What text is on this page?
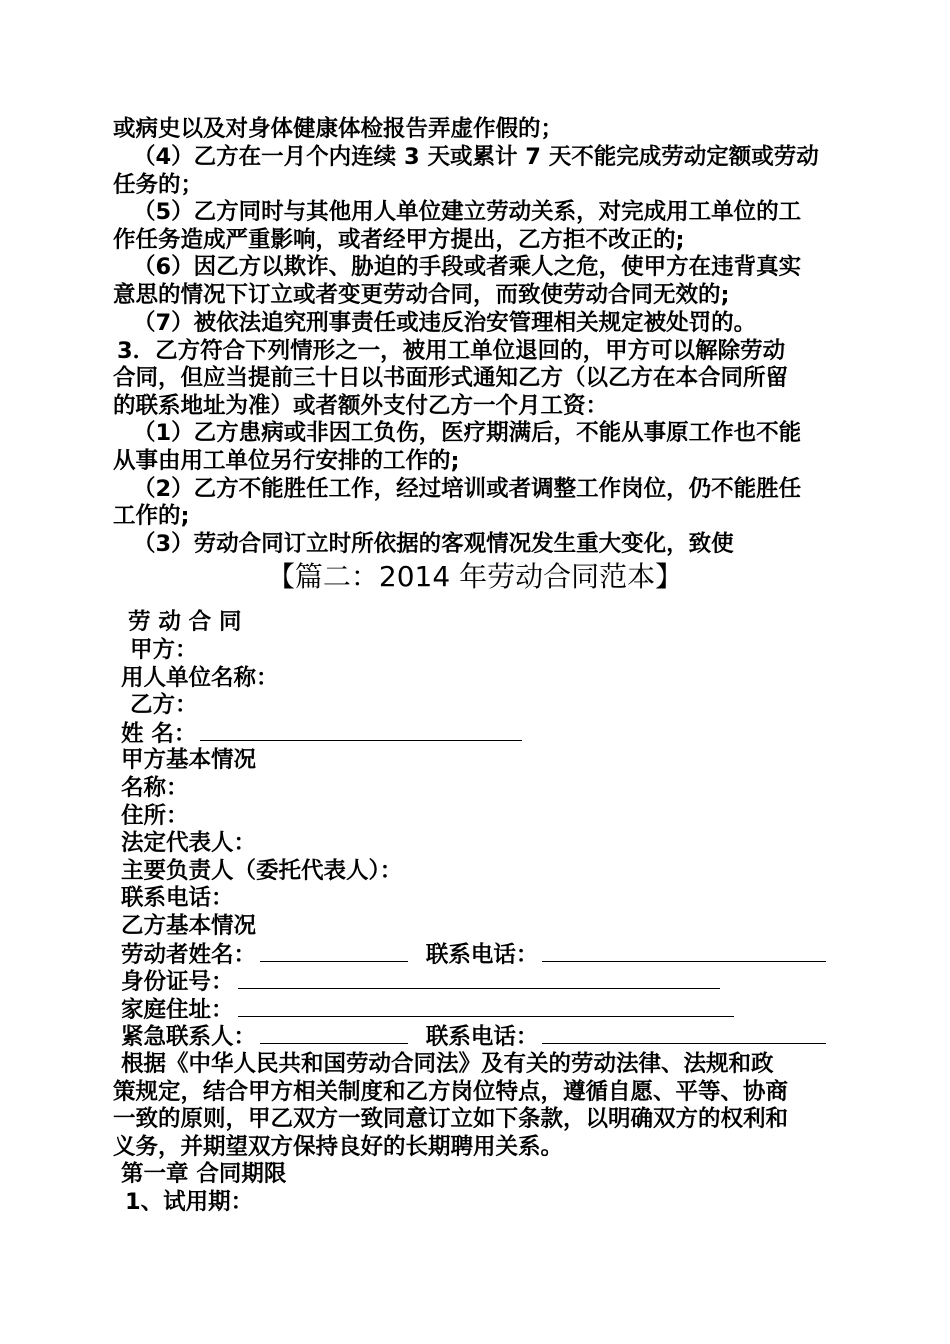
或病史以及对身体健康体检报告弄虚作假的；
（4）乙方在一月个内连续 3 天或累计 7 天不能完成劳动定额或劳动
任务的；
（5）乙方同时与其他用人单位建立劳动关系，对完成用工单位的工
作任务造成严重影响，或者经甲方提出，乙方拒不改正的;
（6）因乙方以欺诈、胁迫的手段或者乘人之危，使甲方在违背真实
意思的情况下订立或者变更劳动合同，而致使劳动合同无效的;
（7）被依法追究刑事责任或违反治安管理相关规定被处罚的。
3．乙方符合下列情形之一，被用工单位退回的，甲方可以解除劳动
合同，但应当提前三十日以书面形式通知乙方（以乙方在本合同所留
的联系地址为准）或者额外支付乙方一个月工资：
（1）乙方患病或非因工负伤，医疗期满后，不能从事原工作也不能
从事由用工单位另行安排的工作的;
（2）乙方不能胜任工作，经过培训或者调整工作岗位，仍不能胜任
工作的;
（3）劳动合同订立时所依据的客观情况发生重大变化，致使
【篇二：2014 年劳动合同范本】
劳 动 合 同
甲方：
用人单位名称：
乙方：
姓 名：
甲方基本情况
名称：
住所：
法定代表人：
主要负责人（委托代表人）：
联系电话：
乙方基本情况
劳动者姓名：	联系电话：
身份证号：
家庭住址：
紧急联系人：	联系电话：
根据《中华人民共和国劳动合同法》及有关的劳动法律、法规和政
策规定，结合甲方相关制度和乙方岗位特点，遵循自愿、平等、协商
一致的原则，甲乙双方一致同意订立如下条款，以明确双方的权利和
义务，并期望双方保持良好的长期聘用关系。
第一章 合同期限
1、试用期：
